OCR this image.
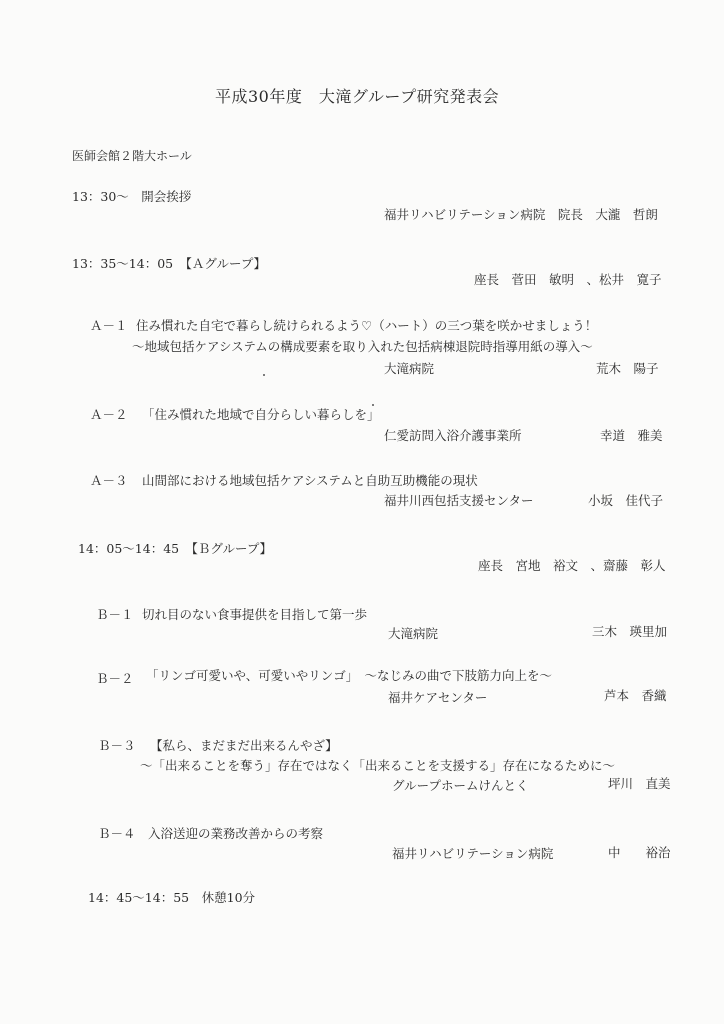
平成30年度　大滝グループ研究発表会
医師会館２階大ホール
13：30～　開会挨拶
福井リハビリテーション病院　院長　大瀧　哲朗
13：35～14：05　【Ａグループ】
座長　菅田　敏明　、松井　寛子
Ａ－１ 住み慣れた自宅で暮らし続けられるよう♡（ハート）の三つ葉を咲かせましょう！
～地域包括ケアシステムの構成要素を取り入れた包括病棟退院時指導用紙の導入～
大滝病院	荒木　陽子
Ａ－２ 「住み慣れた地域で自分らしい暮らしを」
仁愛訪問入浴介護事業所	幸道　雅美
Ａ－３ 山間部における地域包括ケアシステムと自助互助機能の現状
福井川西包括支援センター	小坂　佳代子
14：05～14：45　【Ｂグループ】
座長　宮地　裕文　、齋藤　彰人
Ｂ－１ 切れ目のない食事提供を目指して第一歩
大滝病院	三木　瑛里加
Ｂ－２ 「リンゴ可愛いや、可愛いやリンゴ」　～なじみの曲で下肢筋力向上を～
福井ケアセンター	芦本　香織
Ｂ－３ 【私ら、まだまだ出来るんやざ】
～「出来ることを奪う」存在ではなく「出来ることを支援する」存在になるために～
グループホームけんとく	坪川　直美
Ｂ－４ 入浴送迎の業務改善からの考察
福井リハビリテーション病院	中　　裕治
14：45～14：55　休憩10分
